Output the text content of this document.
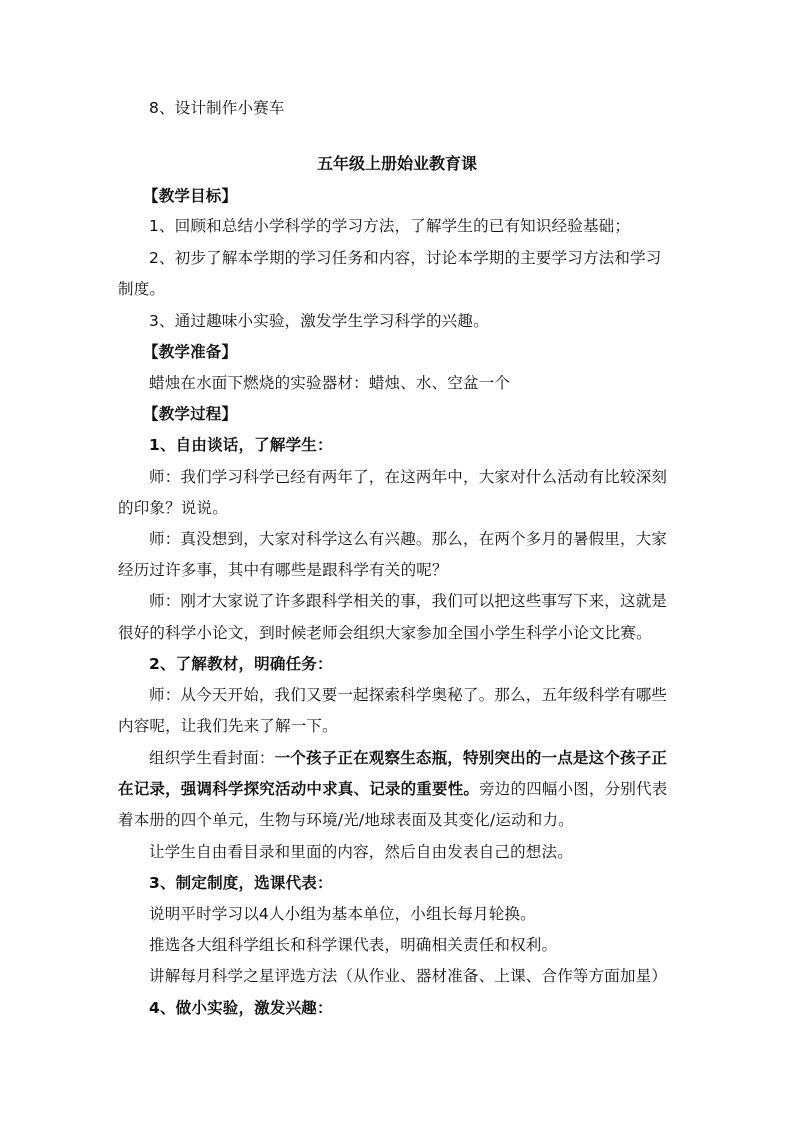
8、设计制作小赛车
五年级上册始业教育课
【教学目标】
1、回顾和总结小学科学的学习方法，了解学生的已有知识经验基础；
2、初步了解本学期的学习任务和内容，讨论本学期的主要学习方法和学习
制度。
3、通过趣味小实验，激发学生学习科学的兴趣。
【教学准备】
蜡烛在水面下燃烧的实验器材：蜡烛、水、空盆一个
【教学过程】
1、自由谈话，了解学生：
师：我们学习科学已经有两年了，在这两年中，大家对什么活动有比较深刻
的印象？说说。
师：真没想到，大家对科学这么有兴趣。那么，在两个多月的暑假里，大家
经历过许多事，其中有哪些是跟科学有关的呢？
师：刚才大家说了许多跟科学相关的事，我们可以把这些事写下来，这就是
很好的科学小论文，到时候老师会组织大家参加全国小学生科学小论文比赛。
2、了解教材，明确任务：
师：从今天开始，我们又要一起探索科学奥秘了。那么，五年级科学有哪些
内容呢，让我们先来了解一下。
组织学生看封面：一个孩子正在观察生态瓶，特别突出的一点是这个孩子正
在记录，强调科学探究活动中求真、记录的重要性。旁边的四幅小图，分别代表
着本册的四个单元，生物与环境/光/地球表面及其变化/运动和力。
让学生自由看目录和里面的内容，然后自由发表自己的想法。
3、制定制度，选课代表：
说明平时学习以4人小组为基本单位，小组长每月轮换。
推选各大组科学组长和科学课代表，明确相关责任和权利。
讲解每月科学之星评选方法（从作业、器材准备、上课、合作等方面加星）
4、做小实验，激发兴趣：
